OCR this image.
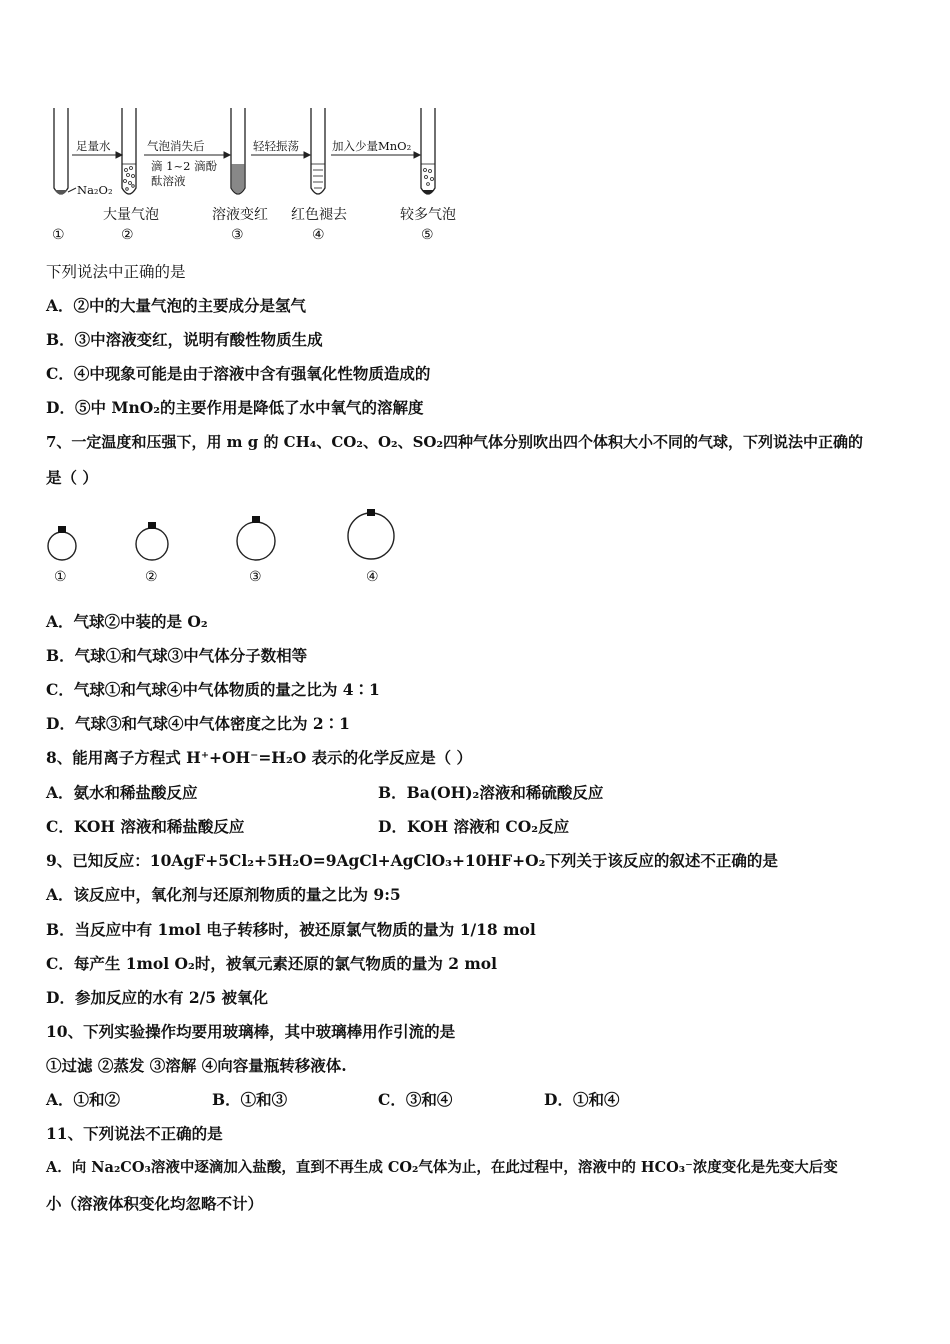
足量水
Na₂O₂
气泡消失后
滴 1~2 滴酚
酞溶液
轻轻振荡	加入少量MnO₂
大量气泡	溶液变红 红色褪去	较多气泡
①	②	③	④	⑤
下列说法中正确的是
A．②中的大量气泡的主要成分是氢气
B．③中溶液变红，说明有酸性物质生成
C．④中现象可能是由于溶液中含有强氧化性物质造成的
D．⑤中 MnO₂的主要作用是降低了水中氧气的溶解度
7、一定温度和压强下，用 m g 的 CH₄、CO₂、O₂、SO₂四种气体分别吹出四个体积大小不同的气球，下列说法中正确的
是（ ）
①	②	③	④
A．气球②中装的是 O₂
B．气球①和气球③中气体分子数相等
C．气球①和气球④中气体物质的量之比为 4∶1
D．气球③和气球④中气体密度之比为 2∶1
8、能用离子方程式 H⁺+OH⁻=H₂O 表示的化学反应是（ ）
A．氨水和稀盐酸反应	B．Ba(OH)₂溶液和稀硫酸反应
C．KOH 溶液和稀盐酸反应	D．KOH 溶液和 CO₂反应
9、已知反应：10AgF+5Cl₂+5H₂O=9AgCl+AgClO₃+10HF+O₂下列关于该反应的叙述不正确的是
A．该反应中，氧化剂与还原剂物质的量之比为 9:5
B．当反应中有 1mol 电子转移时，被还原氯气物质的量为 1/18 mol
C．每产生 1mol O₂时，被氧元素还原的氯气物质的量为 2 mol
D．参加反应的水有 2/5 被氧化
10、下列实验操作均要用玻璃棒，其中玻璃棒用作引流的是
①过滤 ②蒸发 ③溶解 ④向容量瓶转移液体.
A．①和②	B．①和③	C．③和④	D．①和④
11、下列说法不正确的是
A．向 Na₂CO₃溶液中逐滴加入盐酸，直到不再生成 CO₂气体为止，在此过程中，溶液中的 HCO₃⁻浓度变化是先变大后变
小（溶液体积变化均忽略不计）
